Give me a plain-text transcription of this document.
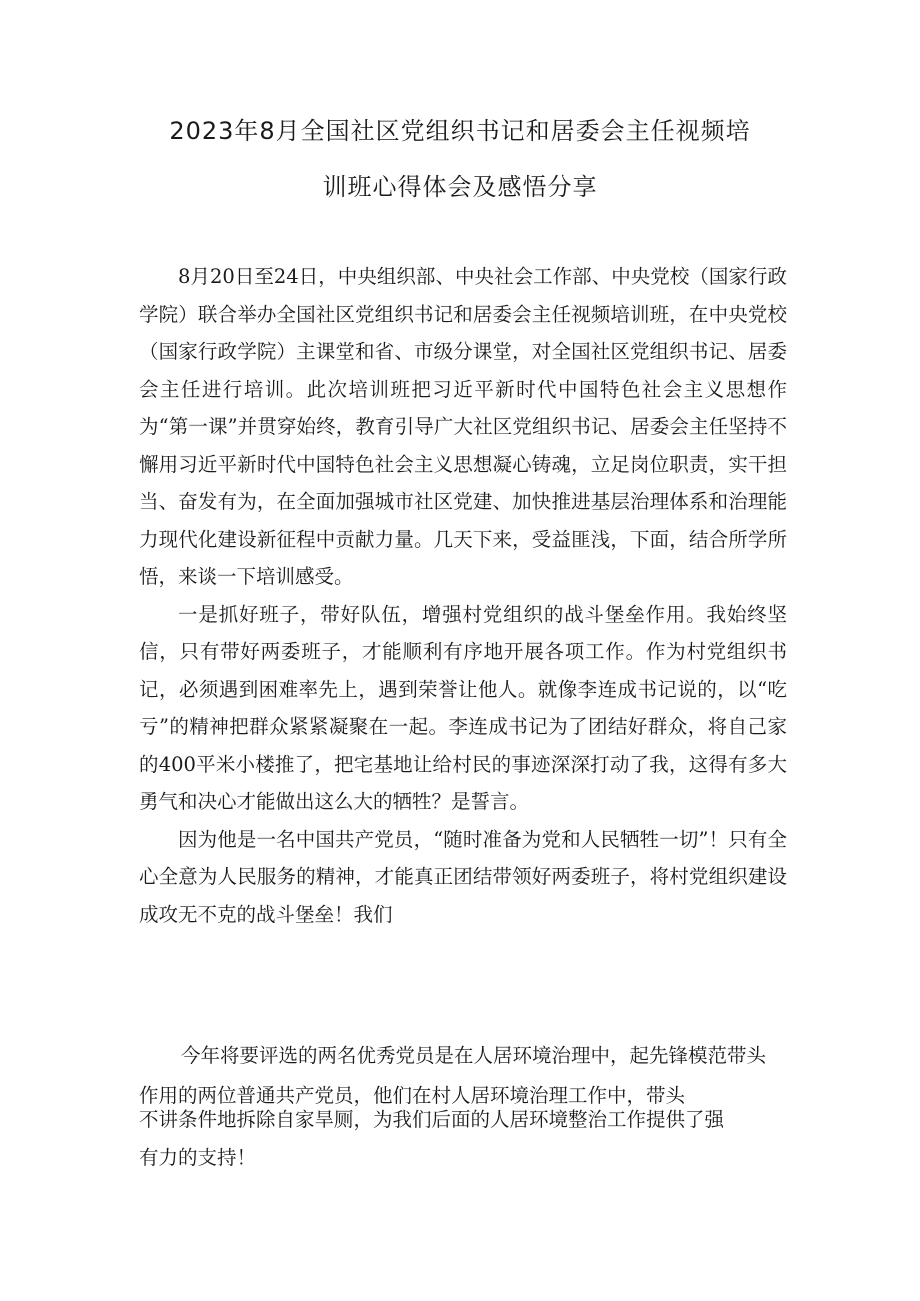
2023年8月全国社区党组织书记和居委会主任视频培
训班心得体会及感悟分享

8月20日至24日，中央组织部、中央社会工作部、中央党校（国家行政学院）联合举办全国社区党组织书记和居委会主任视频培训班，在中央党校（国家行政学院）主课堂和省、市级分课堂，对全国社区党组织书记、居委会主任进行培训。此次培训班把习近平新时代中国特色社会主义思想作为“第一课”并贯穿始终，教育引导广大社区党组织书记、居委会主任坚持不懈用习近平新时代中国特色社会主义思想凝心铸魂，立足岗位职责，实干担当、奋发有为，在全面加强城市社区党建、加快推进基层治理体系和治理能力现代化建设新征程中贡献力量。几天下来，受益匪浅，下面，结合所学所悟，来谈一下培训感受。

一是抓好班子，带好队伍，增强村党组织的战斗堡垒作用。我始终坚信，只有带好两委班子，才能顺利有序地开展各项工作。作为村党组织书记，必须遇到困难率先上，遇到荣誉让他人。就像李连成书记说的，以“吃亏”的精神把群众紧紧凝聚在一起。李连成书记为了团结好群众，将自己家的400平米小楼推了，把宅基地让给村民的事迹深深打动了我，这得有多大勇气和决心才能做出这么大的牺牲？是誓言。

因为他是一名中国共产党员，“随时准备为党和人民牺牲一切”！只有全心全意为人民服务的精神，才能真正团结带领好两委班子，将村党组织建设成攻无不克的战斗堡垒！我们

今年将要评选的两名优秀党员是在人居环境治理中，起先锋模范带头
作用的两位普通共产党员，他们在村人居环境治理工作中，带头
不讲条件地拆除自家旱厕，为我们后面的人居环境整治工作提供了强
有力的支持！
